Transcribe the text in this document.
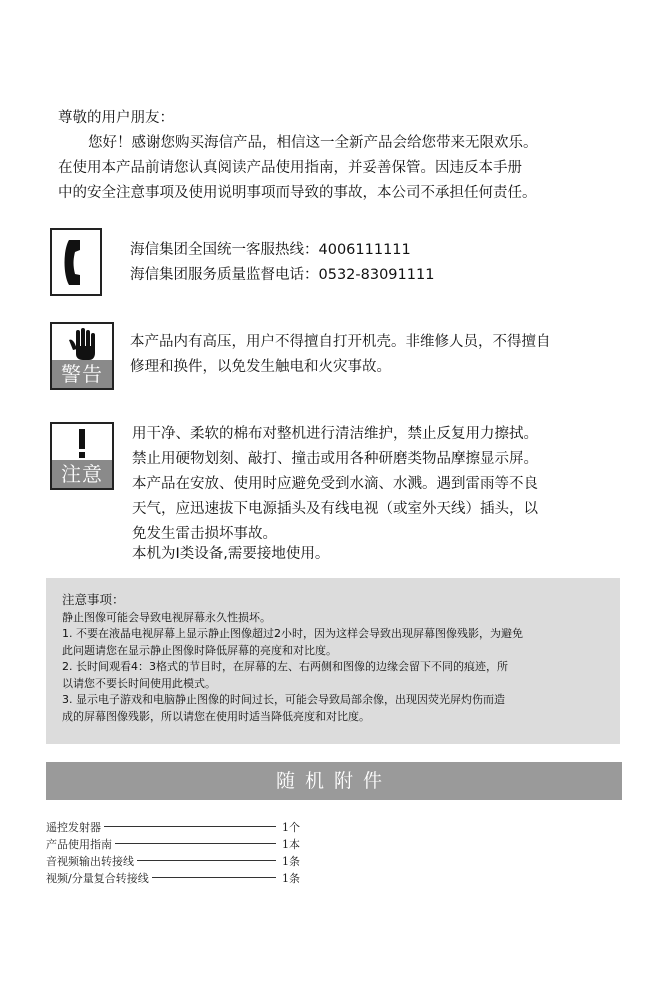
尊敬的用户朋友：

您好！感谢您购买海信产品，相信这一全新产品会给您带来无限欢乐。

在使用本产品前请您认真阅读产品使用指南，并妥善保管。因违反本手册

中的安全注意事项及使用说明事项而导致的事故，本公司不承担任何责任。

海信集团全国统一客服热线：4006111111

海信集团服务质量监督电话：0532-83091111

警告

本产品内有高压，用户不得擅自打开机壳。非维修人员，不得擅自

修理和换件，以免发生触电和火灾事故。

注意

用干净、柔软的棉布对整机进行清洁维护，禁止反复用力擦拭。

禁止用硬物划刻、敲打、撞击或用各种研磨类物品摩擦显示屏。

本产品在安放、使用时应避免受到水滴、水溅。遇到雷雨等不良

天气，应迅速拔下电源插头及有线电视（或室外天线）插头，以

免发生雷击损坏事故。

本机为Ⅰ类设备,需要接地使用。

注意事项：

静止图像可能会导致电视屏幕永久性损坏。

1. 不要在液晶电视屏幕上显示静止图像超过2小时，因为这样会导致出现屏幕图像残影，为避免

此问题请您在显示静止图像时降低屏幕的亮度和对比度。

2. 长时间观看4：3格式的节目时，在屏幕的左、右两侧和图像的边缘会留下不同的痕迹，所

以请您不要长时间使用此模式。

3. 显示电子游戏和电脑静止图像的时间过长，可能会导致局部余像，出现因荧光屏灼伤而造

成的屏幕图像残影，所以请您在使用时适当降低亮度和对比度。

随机附件
遥控发射器	1个
产品使用指南	1本
音视频输出转接线	1条
视频/分量复合转接线	1条
